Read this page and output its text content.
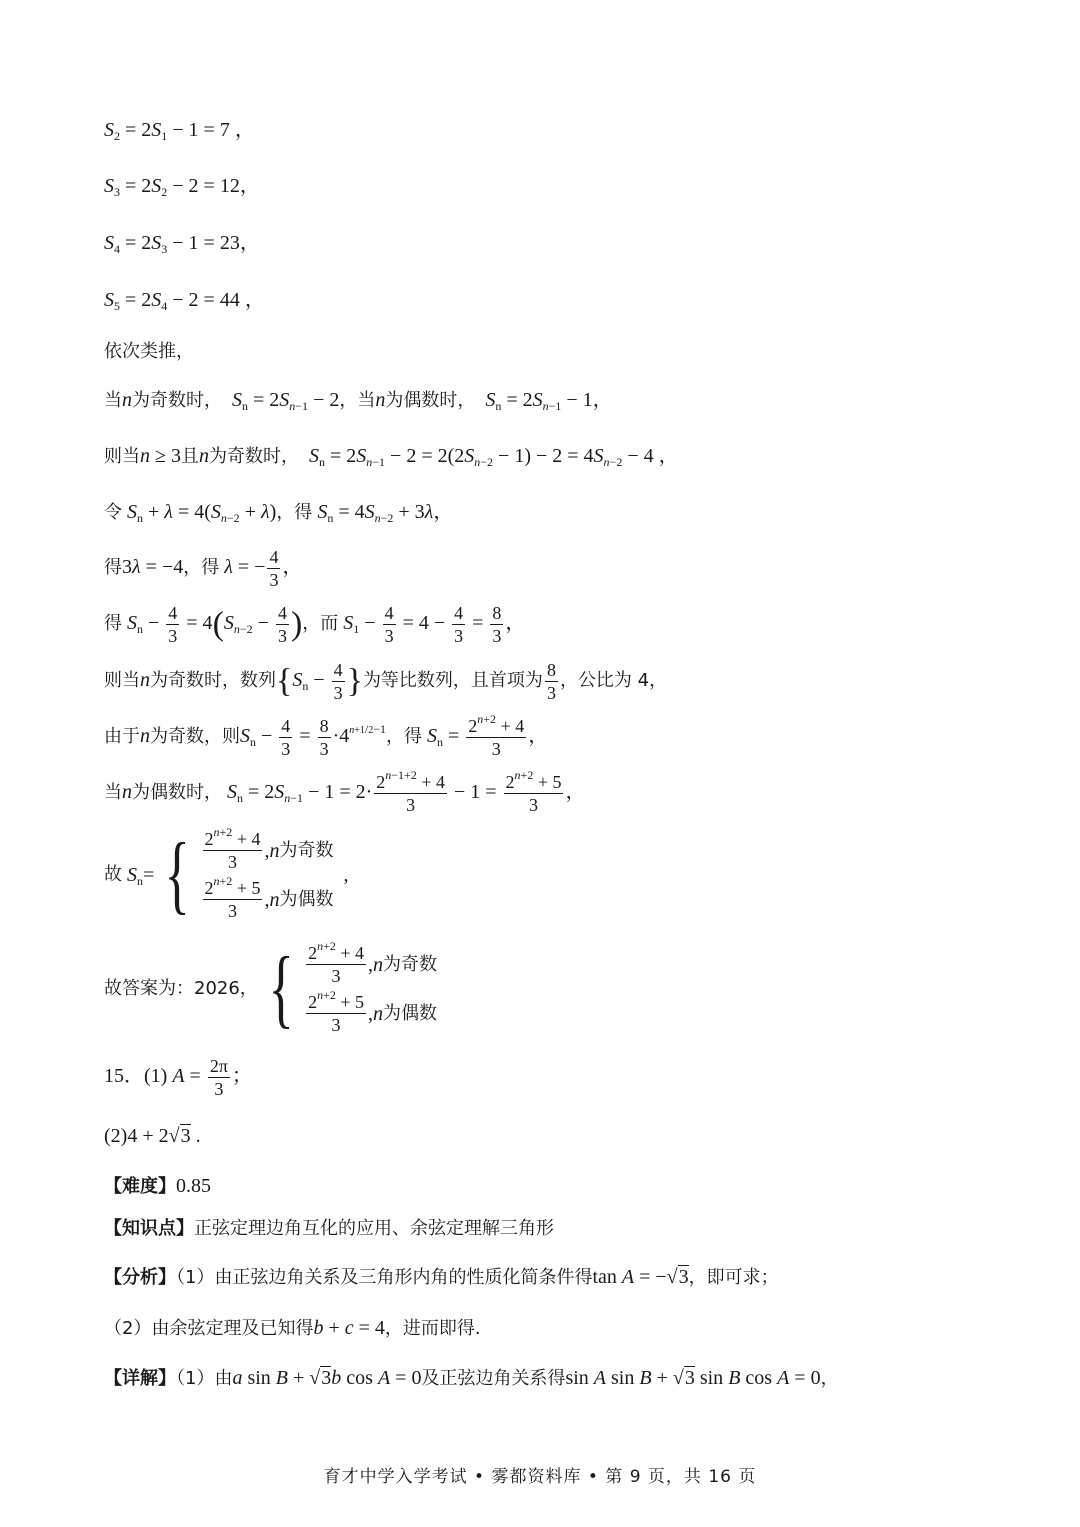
$S_2 = 2S_1 - 1 = 7$ ，
$S_3 = 2S_2 - 2 = 12$，
$S_4 = 2S_3 - 1 = 23$，
$S_5 = 2S_4 - 2 = 44$ ，
依次类推，
当n为奇数时， $S_n = 2S_{n-1} - 2$，当n为偶数时， $S_n = 2S_{n-1} - 1$，
则当n ≥ 3且n为奇数时， $S_n = 2S_{n-1} - 2 = 2(2S_{n-2} - 1) - 2 = 4S_{n-2} - 4$ ，
令 $S_n + \lambda = 4(S_{n-2} + \lambda)$，得 $S_n = 4S_{n-2} + 3\lambda$，
得3λ = −4，得 λ = − $\frac{4}{3}$ ，
得 $S_n - \frac{4}{3} = 4(S_{n-2} - \frac{4}{3}$ )，而 $S_1 - \frac{4}{3} = 4 - \frac{4}{3} = \frac{8}{3}$ ，
则当n为奇数时，数列{$S_n - \frac{4}{3}$ }为等比数列，且首项为 $\frac{8}{3}$ ，公比为 4，
由于n为奇数，则$S_n - \frac{4}{3} = \frac{8}{3} \cdot 4^{n+1/2-1}$，得 $S_n = \frac{2^{n+2} + 4}{3}$ ，
当n为偶数时， $S_n = 2S_{n-1} - 1 = 2\cdot \frac{2^{n-1+2} + 4}{3} - 1 = \frac{2^{n+2} + 5}{3}$ ，
故
$S_n$ = { $\frac{2^{n+2} + 4}{3}$ , n 为奇数
$\frac{2^{n+2} + 5}{3}$ , n 为偶数
,
故答案为：2026， { $\frac{2^{n+2} + 4}{3}$ , n 为奇数
$\frac{2^{n+2} + 5}{3}$ , n 为偶数
15．(1) $A = \frac{2\pi}{3}$ ；
(2)4 + 2√3 .
【难度】0.85
【知识点】正弦定理边角互化的应用、余弦定理解三角形
【分析】（1）由正弦边角关系及三角形内角的性质化简条件得tan A = −√3，即可求；
（2）由余弦定理及已知得b + c = 4，进而即得.
【详解】（1）由a sin B + √3b cos A = 0及正弦边角关系得sin A sin B + √3 sin B cos A = 0，
育才中学入学考试 • 雾都资料库 • 第 9 页，共 16 页
